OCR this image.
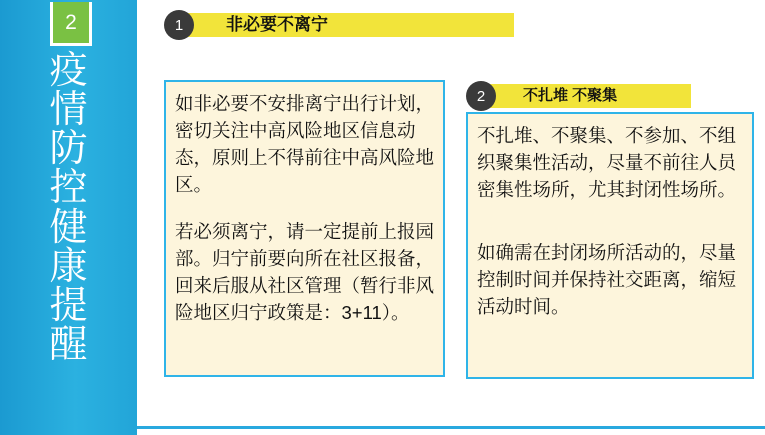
2
疫
情
防
控
健
康
提
醒
1	非必要不离宁

如非必要不安排离宁出行计划，密切关注中高风险地区信息动态，原则上不得前往中高风险地区。

若必须离宁，请一定提前上报园部。归宁前要向所在社区报备，回来后服从社区管理（暂行非风险地区归宁政策是：3+11）。

2	不扎堆 不聚集

不扎堆、不聚集、不参加、不组织聚集性活动，尽量不前往人员密集性场所，尤其封闭性场所。

如确需在封闭场所活动的，尽量控制时间并保持社交距离，缩短活动时间。
